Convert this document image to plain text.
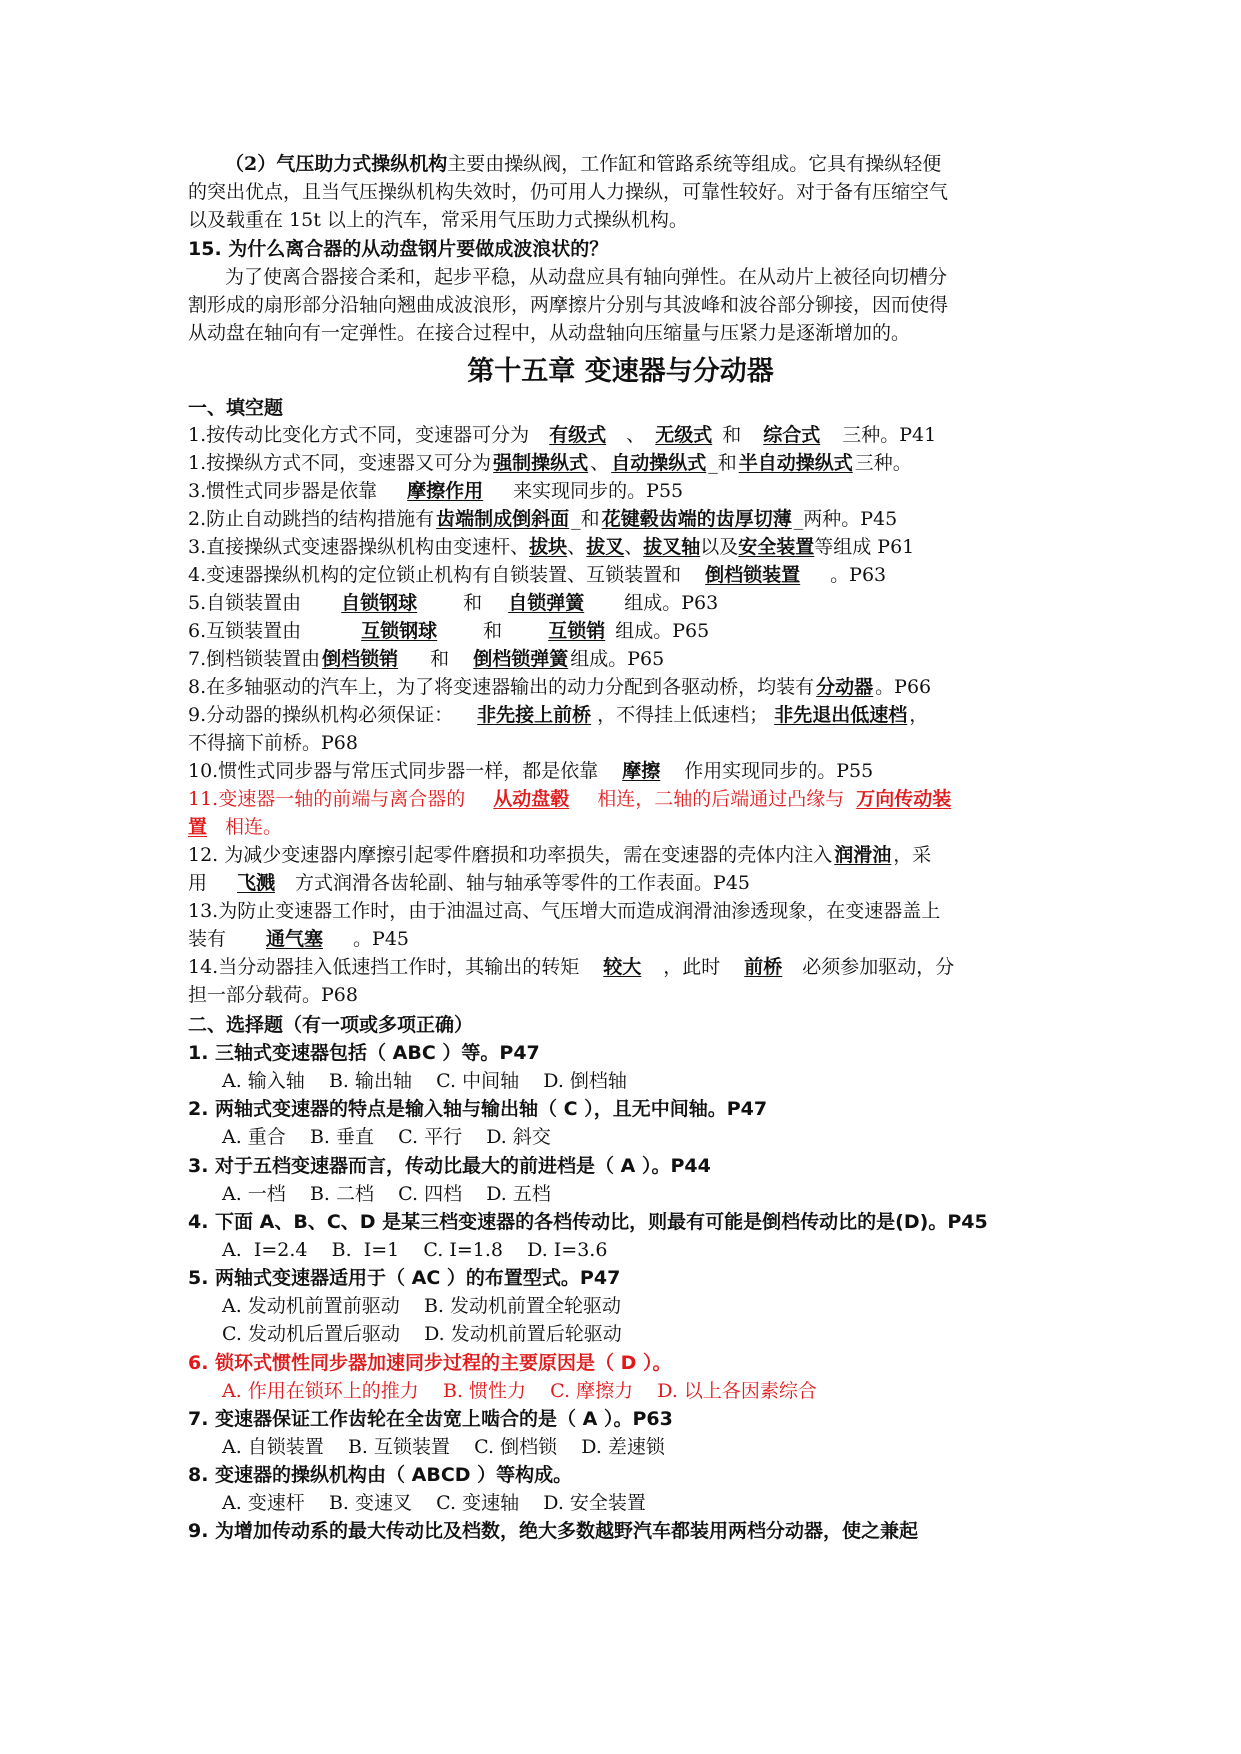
（2）气压助力式操纵机构主要由操纵阀，工作缸和管路系统等组成。它具有操纵轻便
的突出优点，且当气压操纵机构失效时，仍可用人力操纵，可靠性较好。对于备有压缩空气
以及载重在 15t 以上的汽车，常采用气压助力式操纵机构。
15. 为什么离合器的从动盘钢片要做成波浪状的？
为了使离合器接合柔和，起步平稳，从动盘应具有轴向弹性。在从动片上被径向切槽分
割形成的扇形部分沿轴向翘曲成波浪形，两摩擦片分别与其波峰和波谷部分铆接，因而使得
从动盘在轴向有一定弹性。在接合过程中，从动盘轴向压缩量与压紧力是逐渐增加的。
第十五章 变速器与分动器
一、填空题
1.按传动比变化方式不同，变速器可分为 有级式 、 无级式 和 综合式 三种。P41
1.按操纵方式不同，变速器又可分为 强制操纵式 、 自动操纵式 _和 半自动操纵式 三种。
3.惯性式同步器是依靠 摩擦作用 来实现同步的。P55
2.防止自动跳挡的结构措施有 齿端制成倒斜面 _和 花键毂齿端的齿厚切薄 _两种。P45
3.直接操纵式变速器操纵机构由变速杆、拔块、拔叉、拔叉轴以及安全装置等组成 P61
4.变速器操纵机构的定位锁止机构有自锁装置、互锁装置和 倒档锁装置 。P63
5.自锁装置由 自锁钢球 和 自锁弹簧 组成。P63
6.互锁装置由	互锁钢球 和 互锁销 组成。P65
7.倒档锁装置由 倒档锁销 和 倒档锁弹簧 组成。P65
8.在多轴驱动的汽车上，为了将变速器输出的动力分配到各驱动桥，均装有 分动器 。P66
9.分动器的操纵机构必须保证： 非先接上前桥 ，不得挂上低速档； 非先退出低速档 ，
不得摘下前桥。P68
10.惯性式同步器与常压式同步器一样，都是依靠 摩擦 作用实现同步的。P55
11.变速器一轴的前端与离合器的 从动盘毂 相连，二轴的后端通过凸缘与 万向传动装
置 相连。
12. 为减少变速器内摩擦引起零件磨损和功率损失，需在变速器的壳体内注入 润滑油 ，采
用 飞溅 方式润滑各齿轮副、轴与轴承等零件的工作表面。P45
13.为防止变速器工作时，由于油温过高、气压增大而造成润滑油渗透现象，在变速器盖上
装有 通气塞 。P45
14.当分动器挂入低速挡工作时，其输出的转矩 较大 ，此时 前桥 必须参加驱动，分
担一部分载荷。P68
二、选择题（有一项或多项正确）
1. 三轴式变速器包括（ ABC ）等。P47
A. 输入轴    B. 输出轴    C. 中间轴    D. 倒档轴
2. 两轴式变速器的特点是输入轴与输出轴（ C ），且无中间轴。P47
A. 重合    B. 垂直    C. 平行    D. 斜交
3. 对于五档变速器而言，传动比最大的前进档是（ A ）。P44
A. 一档    B. 二档    C. 四档    D. 五档
4. 下面 A、B、C、D 是某三档变速器的各档传动比，则最有可能是倒档传动比的是(D)。P45
A.  I=2.4    B.  I=1    C. I=1.8    D. I=3.6
5. 两轴式变速器适用于（ AC ）的布置型式。P47
A. 发动机前置前驱动    B. 发动机前置全轮驱动
C. 发动机后置后驱动    D. 发动机前置后轮驱动
6. 锁环式惯性同步器加速同步过程的主要原因是（ D ）。
A. 作用在锁环上的推力    B. 惯性力    C. 摩擦力    D. 以上各因素综合
7. 变速器保证工作齿轮在全齿宽上啮合的是（ A ）。P63
A. 自锁装置    B. 互锁装置    C. 倒档锁    D. 差速锁
8. 变速器的操纵机构由（ ABCD ）等构成。
A. 变速杆    B. 变速叉    C. 变速轴    D. 安全装置
9. 为增加传动系的最大传动比及档数，绝大多数越野汽车都装用两档分动器，使之兼起
